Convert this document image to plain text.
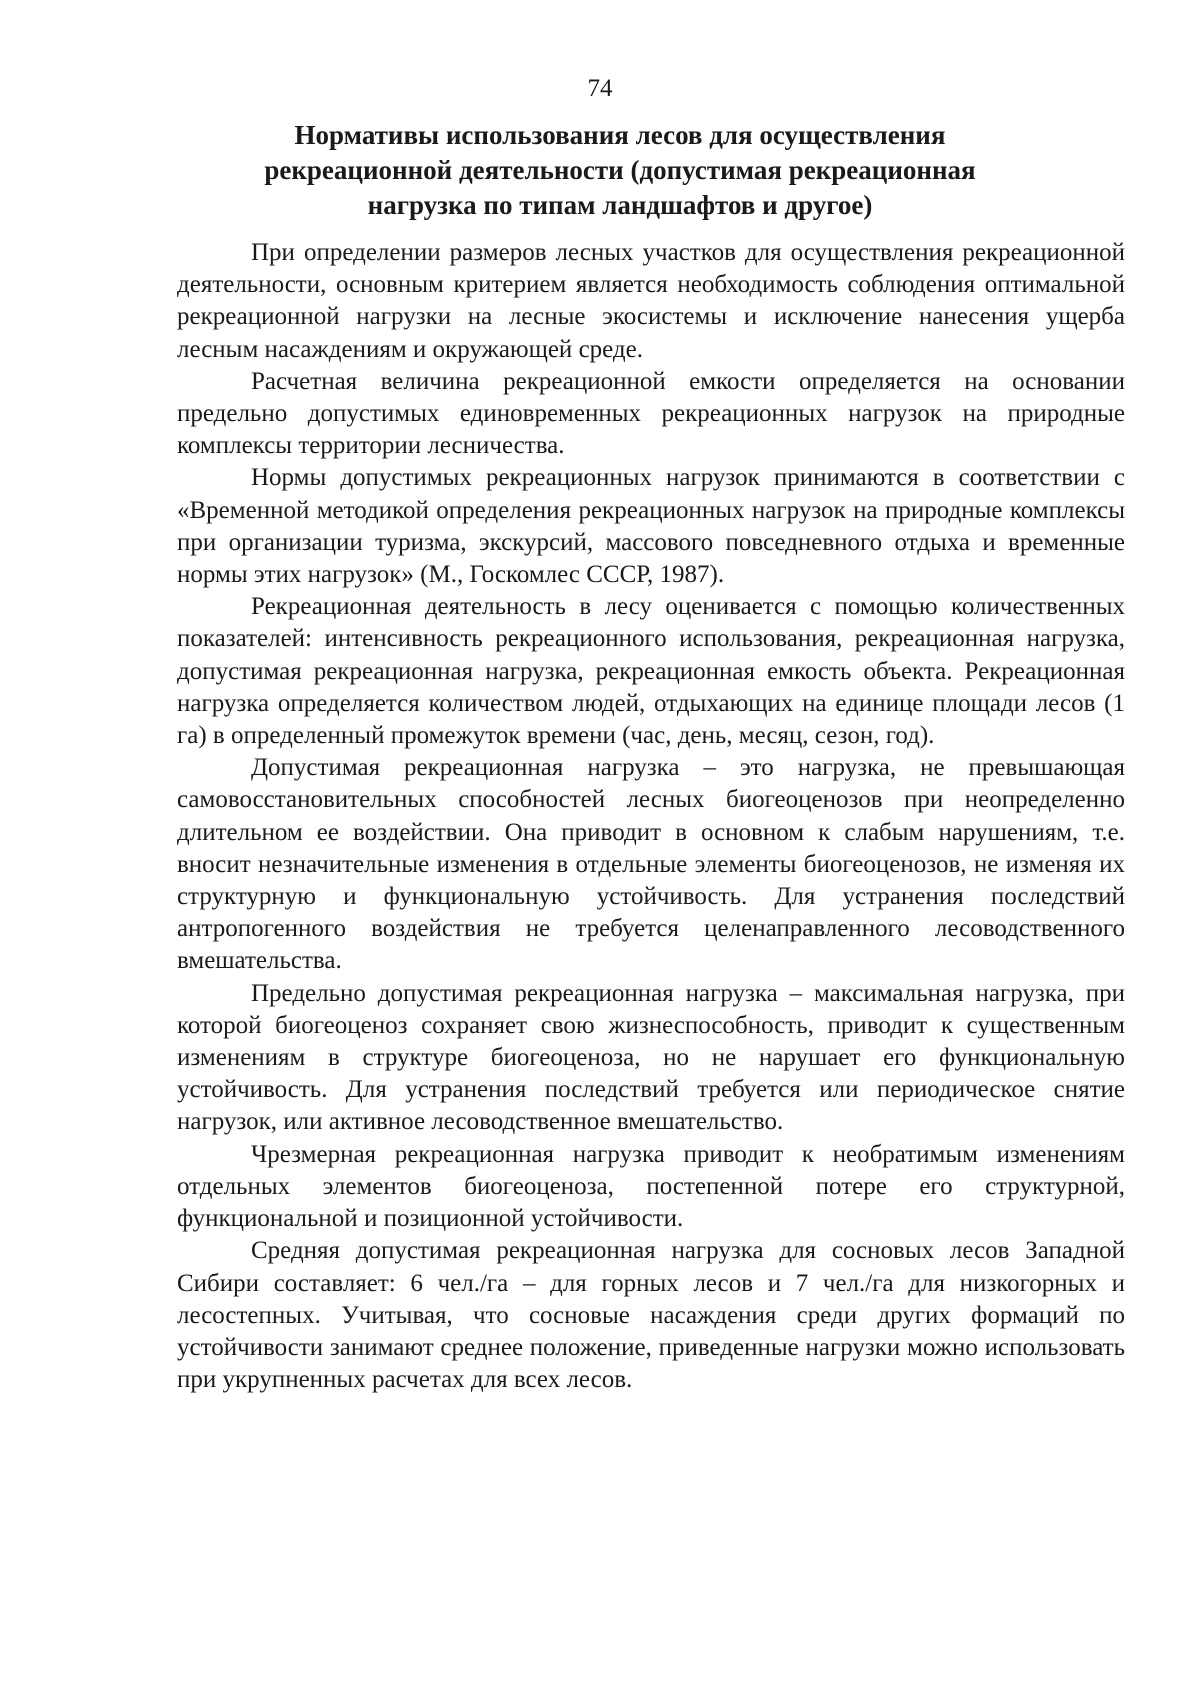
74
Нормативы использования лесов для осуществления рекреационной деятельности (допустимая рекреационная нагрузка по типам ландшафтов и другое)

При определении размеров лесных участков для осуществления рекреационной деятельности, основным критерием является необходимость соблюдения оптимальной рекреационной нагрузки на лесные экосистемы и исключение нанесения ущерба лесным насаждениям и окружающей среде.

Расчетная величина рекреационной емкости определяется на основании предельно допустимых единовременных рекреационных нагрузок на природные комплексы территории лесничества.

Нормы допустимых рекреационных нагрузок принимаются в соответствии с «Временной методикой определения рекреационных нагрузок на природные комплексы при организации туризма, экскурсий, массового повседневного отдыха и временные нормы этих нагрузок» (М., Госкомлес СССР, 1987).

Рекреационная деятельность в лесу оценивается с помощью количественных показателей: интенсивность рекреационного использования, рекреационная нагрузка, допустимая рекреационная нагрузка, рекреационная емкость объекта. Рекреационная нагрузка определяется количеством людей, отдыхающих на единице площади лесов (1 га) в определенный промежуток времени (час, день, месяц, сезон, год).

Допустимая рекреационная нагрузка – это нагрузка, не превышающая самовосстановительных способностей лесных биогеоценозов при неопределенно длительном ее воздействии. Она приводит в основном к слабым нарушениям, т.е. вносит незначительные изменения в отдельные элементы биогеоценозов, не изменяя их структурную и функциональную устойчивость. Для устранения последствий антропогенного воздействия не требуется целенаправленного лесоводственного вмешательства.

Предельно допустимая рекреационная нагрузка – максимальная нагрузка, при которой биогеоценоз сохраняет свою жизнеспособность, приводит к существенным изменениям в структуре биогеоценоза, но не нарушает его функциональную устойчивость. Для устранения последствий требуется или периодическое снятие нагрузок, или активное лесоводственное вмешательство.

Чрезмерная рекреационная нагрузка приводит к необратимым изменениям отдельных элементов биогеоценоза, постепенной потере его структурной, функциональной и позиционной устойчивости.

Средняя допустимая рекреационная нагрузка для сосновых лесов Западной Сибири составляет: 6 чел./га – для горных лесов и 7 чел./га для низкогорных и лесостепных. Учитывая, что сосновые насаждения среди других формаций по устойчивости занимают среднее положение, приведенные нагрузки можно использовать при укрупненных расчетах для всех лесов.
